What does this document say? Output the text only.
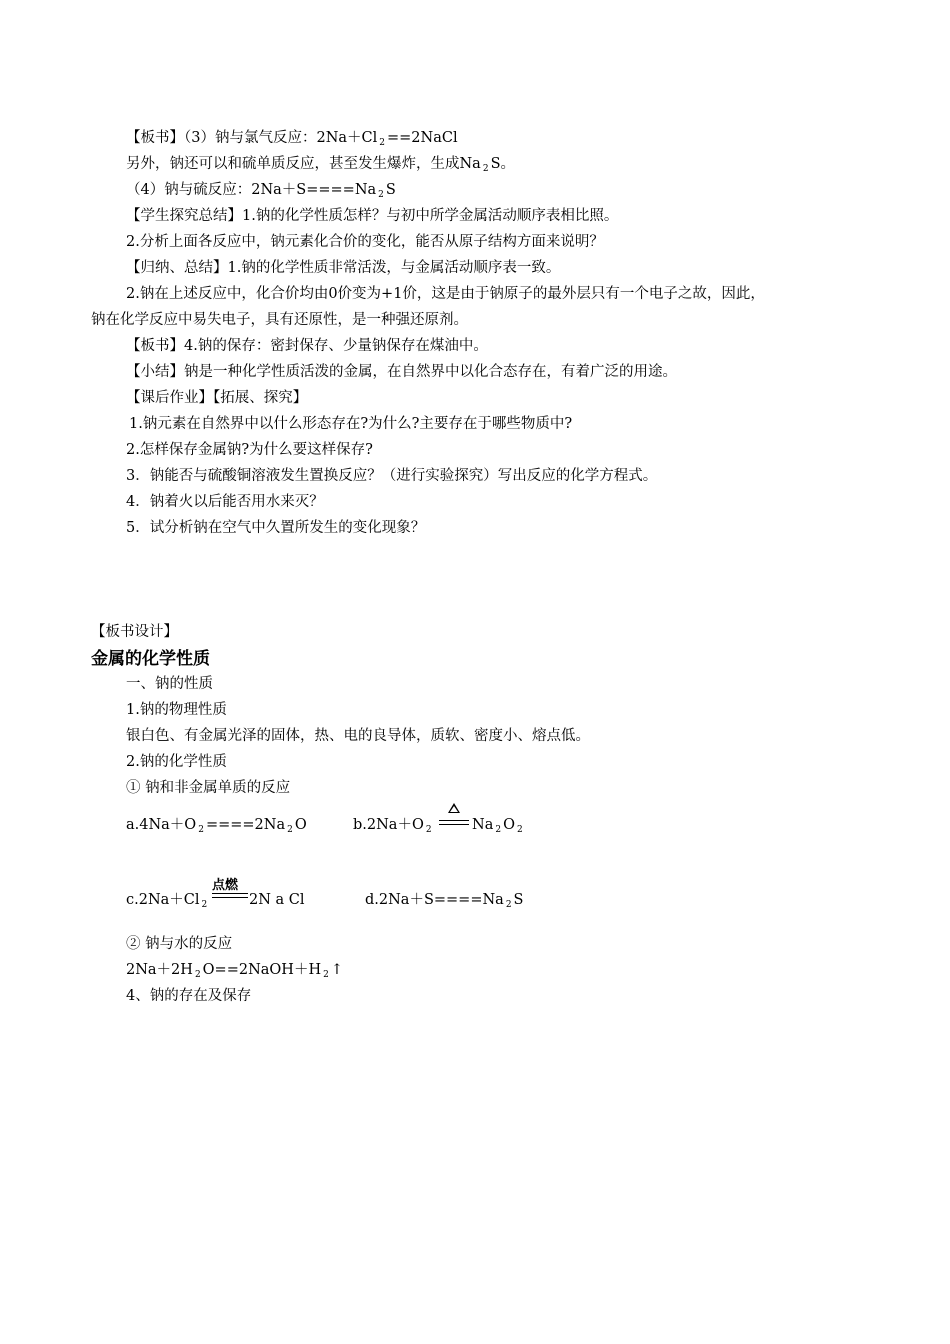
【板书】（3）钠与氯气反应：2Na＋Cl $_2$ ==2NaCl
另外，钠还可以和硫单质反应，甚至发生爆炸，生成Na $_2$ S。
（4）钠与硫反应：2Na＋S====Na $_2$ S
【学生探究总结】1.钠的化学性质怎样？与初中所学金属活动顺序表相比照。
2.分析上面各反应中，钠元素化合价的变化，能否从原子结构方面来说明？
【归纳、总结】1.钠的化学性质非常活泼，与金属活动顺序表一致。
2.钠在上述反应中，化合价均由0价变为+1价，这是由于钠原子的最外层只有一个电子之故，因此，
钠在化学反应中易失电子，具有还原性，是一种强还原剂。
【板书】4.钠的保存：密封保存、少量钠保存在煤油中。
【小结】钠是一种化学性质活泼的金属，在自然界中以化合态存在，有着广泛的用途。
【课后作业】【拓展、探究】
1.钠元素在自然界中以什么形态存在?为什么?主要存在于哪些物质中?
2.怎样保存金属钠?为什么要这样保存?
3．钠能否与硫酸铜溶液发生置换反应？（进行实验探究）写出反应的化学方程式。
4．钠着火以后能否用水来灭？
5．试分析钠在空气中久置所发生的变化现象？
【板书设计】
金属的化学性质
一、钠的性质
1.钠的物理性质
银白色、有金属光泽的固体，热、电的良导体，质软、密度小、熔点低。
2.钠的化学性质
① 钠和非金属单质的反应
a.4Na＋O $_2$ ====2Na $_2$ O	b.2Na＋O $_2$	Na $_2$ O $_2$
c.2Na＋Cl $_2$
点燃
2N a Cl	d.2Na＋S====Na $_2$ S
② 钠与水的反应
2Na＋2H $_2$ O==2NaOH＋H $_2$ ↑
4、钠的存在及保存
